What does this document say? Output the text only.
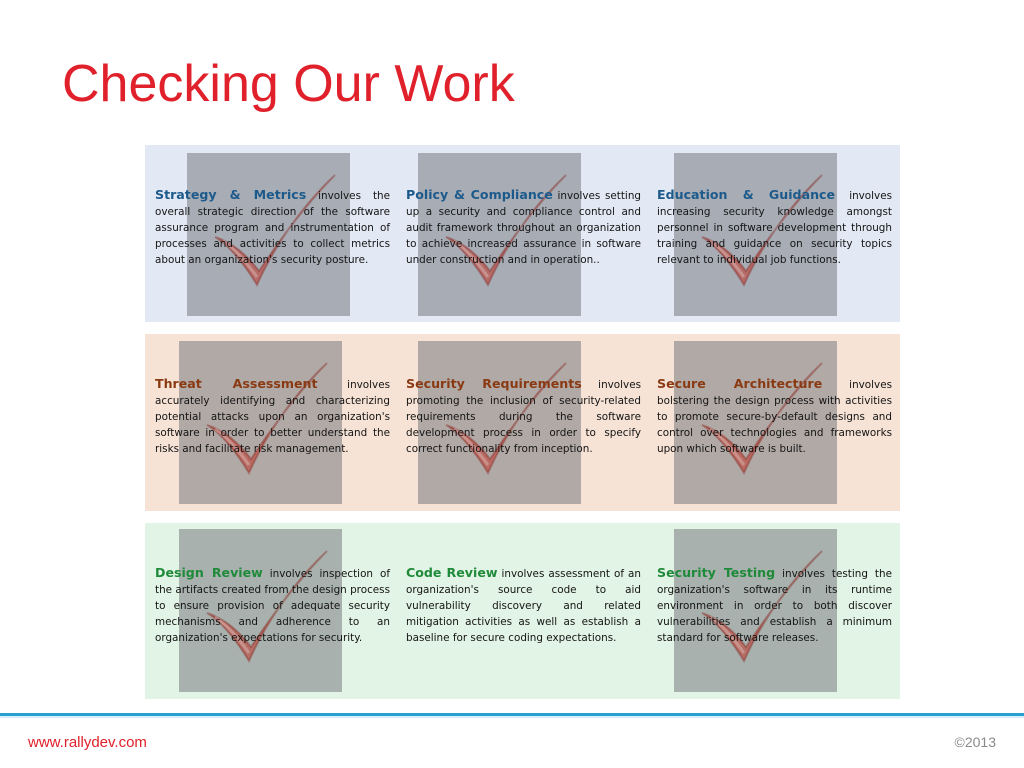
Checking Our Work
Strategy & Metrics involves the overall strategic direction of the software assurance program and instrumentation of processes and activities to collect metrics about an organization's security posture.
Policy & Compliance involves setting up a security and compliance control and audit framework throughout an organization to achieve increased assurance in software under construction and in operation..
Education & Guidance involves increasing security knowledge amongst personnel in software development through training and guidance on security topics relevant to individual job functions.
Threat Assessment involves accurately identifying and characterizing potential attacks upon an organization's software in order to better understand the risks and facilitate risk management.
Security Requirements involves promoting the inclusion of security-related requirements during the software development process in order to specify correct functionality from inception.
Secure Architecture involves bolstering the design process with activities to promote secure-by-default designs and control over technologies and frameworks upon which software is built.
Design Review involves inspection of the artifacts created from the design process to ensure provision of adequate security mechanisms and adherence to an organization's expectations for security.
Code Review involves assessment of an organization's source code to aid vulnerability discovery and related mitigation activities as well as establish a baseline for secure coding expectations.
Security Testing involves testing the organization's software in its runtime environment in order to both discover vulnerabilities and establish a minimum standard for software releases.
www.rallydev.com	©2013
